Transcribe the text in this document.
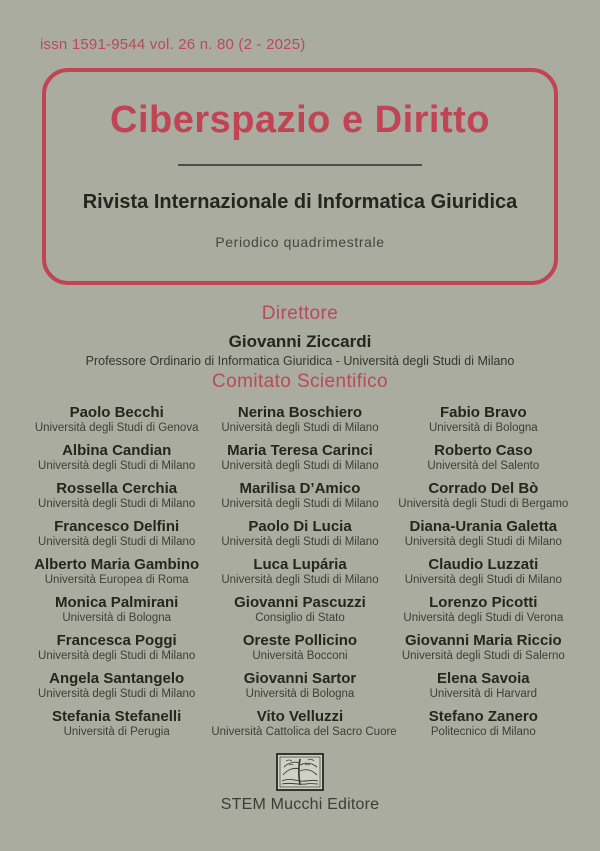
issn 1591-9544 vol. 26 n. 80 (2 - 2025)
Ciberspazio e Diritto
Rivista Internazionale di Informatica Giuridica
Periodico quadrimestrale
Direttore
Giovanni Ziccardi
Professore Ordinario di Informatica Giuridica - Università degli Studi di Milano
Comitato Scientifico
Paolo Becchi
Università degli Studi di Genova
Nerina Boschiero
Università degli Studi di Milano
Fabio Bravo
Università di Bologna
Albina Candian
Università degli Studi di Milano
Maria Teresa Carinci
Università degli Studi di Milano
Roberto Caso
Università del Salento
Rossella Cerchia
Università degli Studi di Milano
Marilisa D’Amico
Università degli Studi di Milano
Corrado Del Bò
Università degli Studi di Bergamo
Francesco Delfini
Università degli Studi di Milano
Paolo Di Lucia
Università degli Studi di Milano
Diana-Urania Galetta
Università degli Studi di Milano
Alberto Maria Gambino
Università Europea di Roma
Luca Lupária
Università degli Studi di Milano
Claudio Luzzati
Università degli Studi di Milano
Monica Palmirani
Università di Bologna
Giovanni Pascuzzi
Consiglio di Stato
Lorenzo Picotti
Università degli Studi di Verona
Francesca Poggi
Università degli Studi di Milano
Oreste Pollicino
Università Bocconi
Giovanni Maria Riccio
Università degli Studi di Salerno
Angela Santangelo
Università degli Studi di Milano
Giovanni Sartor
Università di Bologna
Elena Savoia
Università di Harvard
Stefania Stefanelli
Università di Perugia
Vito Velluzzi
Università Cattolica del Sacro Cuore
Stefano Zanero
Politecnico di Milano
STEM Mucchi Editore
